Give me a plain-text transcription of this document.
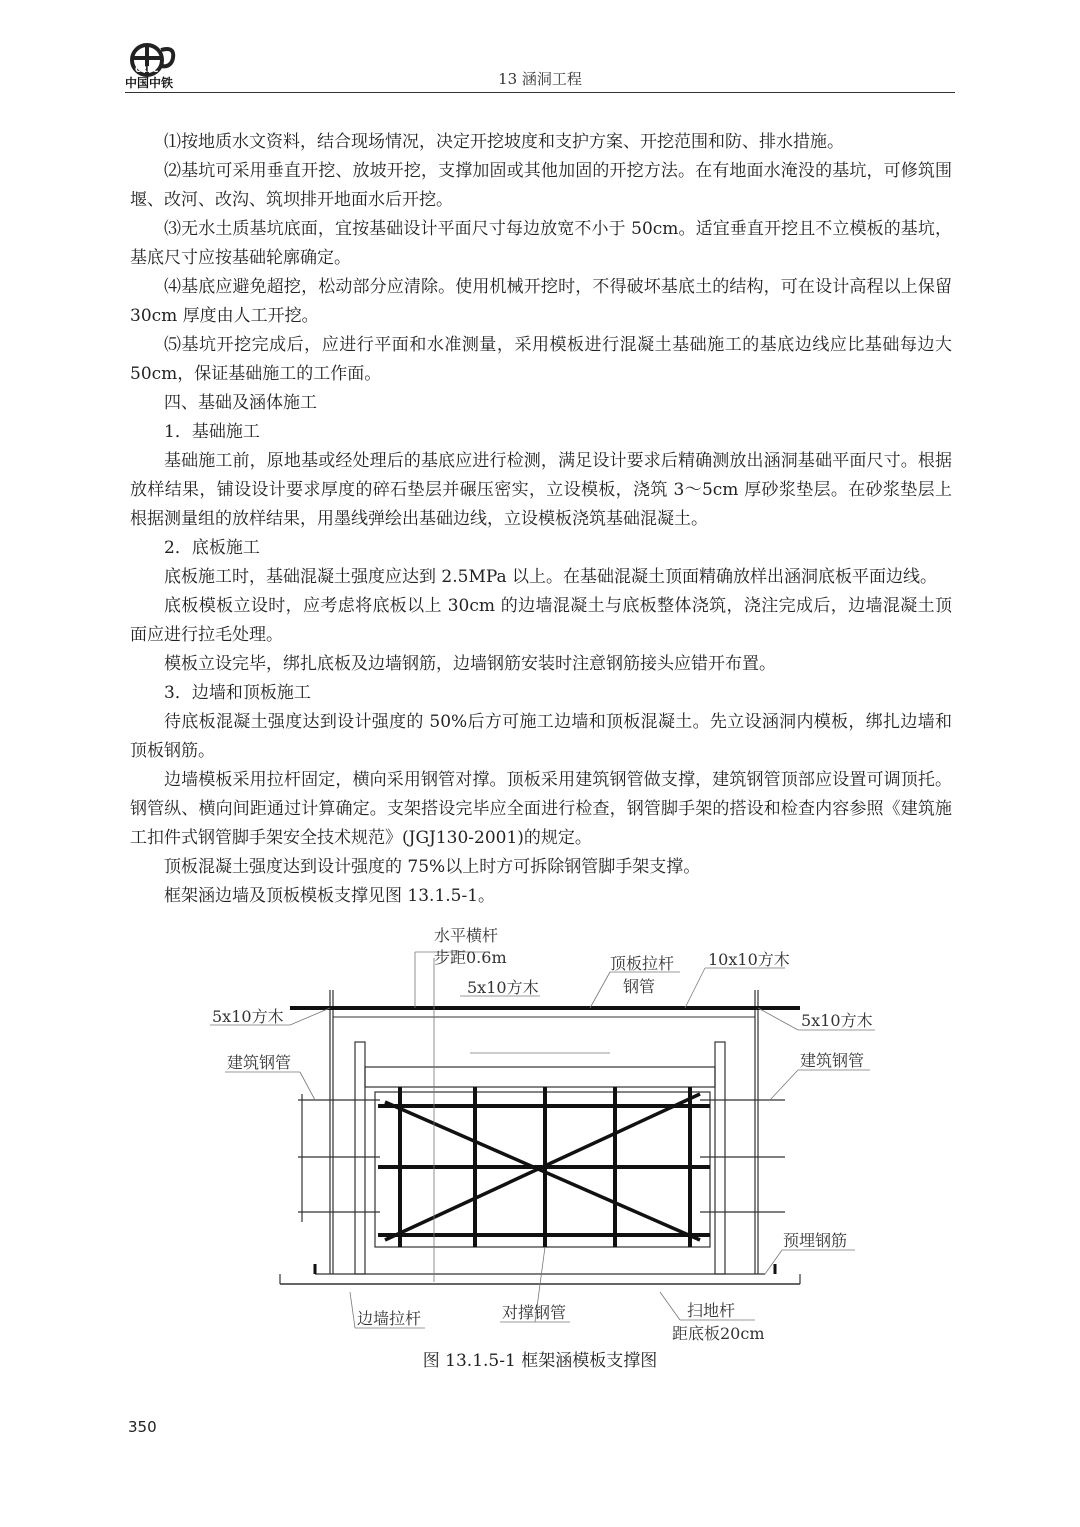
CREC
中国中铁	13 涵洞工程

⑴按地质水文资料，结合现场情况，决定开挖坡度和支护方案、开挖范围和防、排水措施。

⑵基坑可采用垂直开挖、放坡开挖，支撑加固或其他加固的开挖方法。在有地面水淹没的基坑，可修筑围堰、改河、改沟、筑坝排开地面水后开挖。

⑶无水土质基坑底面，宜按基础设计平面尺寸每边放宽不小于 50cm。适宜垂直开挖且不立模板的基坑，基底尺寸应按基础轮廓确定。

⑷基底应避免超挖，松动部分应清除。使用机械开挖时，不得破坏基底土的结构，可在设计高程以上保留 30cm 厚度由人工开挖。

⑸基坑开挖完成后，应进行平面和水准测量，采用模板进行混凝土基础施工的基底边线应比基础每边大 50cm，保证基础施工的工作面。

四、基础及涵体施工

1．基础施工

基础施工前，原地基或经处理后的基底应进行检测，满足设计要求后精确测放出涵洞基础平面尺寸。根据放样结果，铺设设计要求厚度的碎石垫层并碾压密实，立设模板，浇筑 3～5cm 厚砂浆垫层。在砂浆垫层上根据测量组的放样结果，用墨线弹绘出基础边线，立设模板浇筑基础混凝土。

2．底板施工

底板施工时，基础混凝土强度应达到 2.5MPa 以上。在基础混凝土顶面精确放样出涵洞底板平面边线。

底板模板立设时，应考虑将底板以上 30cm 的边墙混凝土与底板整体浇筑，浇注完成后，边墙混凝土顶面应进行拉毛处理。

模板立设完毕，绑扎底板及边墙钢筋，边墙钢筋安装时注意钢筋接头应错开布置。

3．边墙和顶板施工

待底板混凝土强度达到设计强度的 50%后方可施工边墙和顶板混凝土。先立设涵洞内模板，绑扎边墙和顶板钢筋。

边墙模板采用拉杆固定，横向采用钢管对撑。顶板采用建筑钢管做支撑，建筑钢管顶部应设置可调顶托。钢管纵、横向间距通过计算确定。支架搭设完毕应全面进行检查，钢管脚手架的搭设和检查内容参照《建筑施工扣件式钢管脚手架安全技术规范》(JGJ130-2001)的规定。

顶板混凝土强度达到设计强度的 75%以上时方可拆除钢管脚手架支撑。

框架涵边墙及顶板模板支撑见图 13.1.5-1。

水平横杆
步距0.6m	顶板拉杆
钢管
10x10方木
5x10方木
5x10方木	5x10方木
建筑钢管	建筑钢管
预埋钢筋
边墙拉杆	对撑钢管	扫地杆
距底板20cm
图 13.1.5-1 框架涵模板支撑图
350
